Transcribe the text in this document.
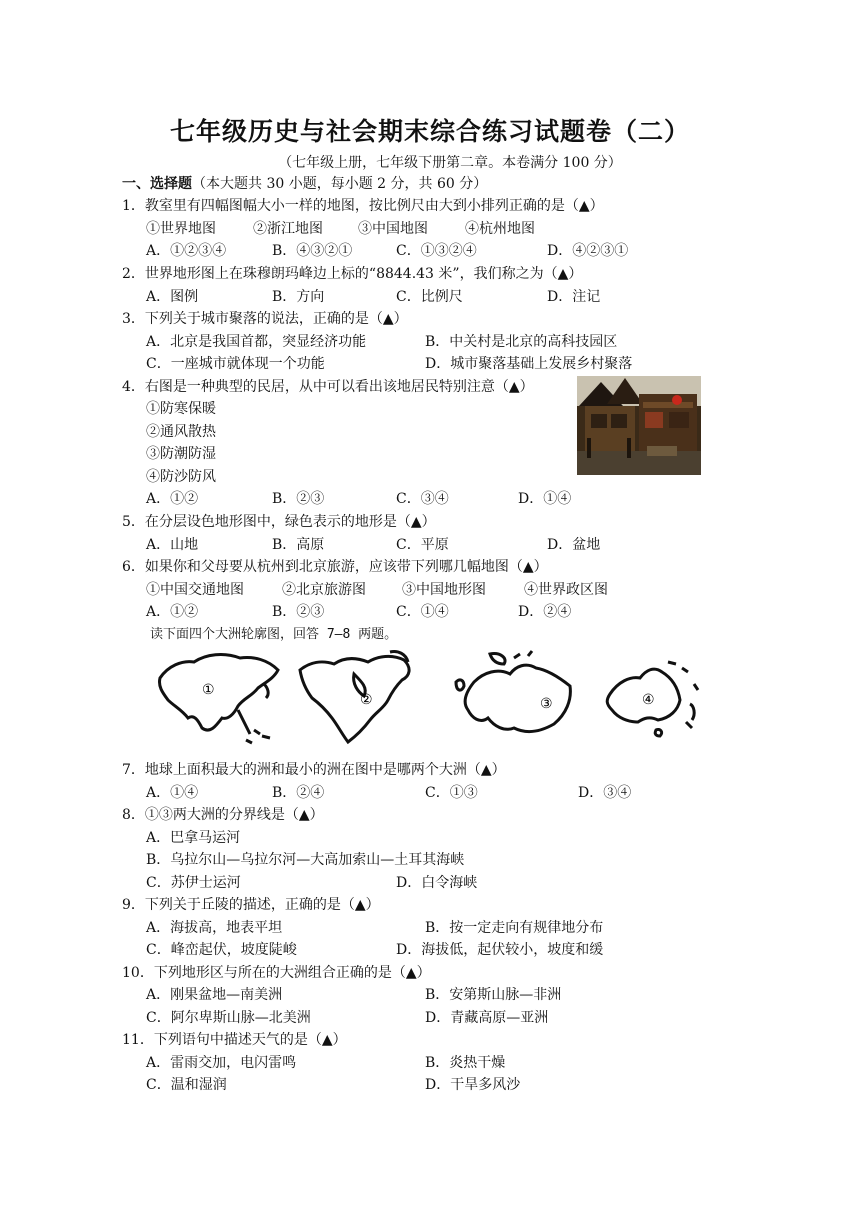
七年级历史与社会期末综合练习试题卷（二）
（七年级上册，七年级下册第二章。本卷满分 100 分）
一、选择题（本大题共 30 小题，每小题 2 分，共 60 分）
1．教室里有四幅图幅大小一样的地图，按比例尺由大到小排列正确的是（▲）
①世界地图	②浙江地图	③中国地图	④杭州地图
A．①②③④	B．④③②①	C．①③②④	D．④②③①
2．世界地形图上在珠穆朗玛峰边上标的“8844.43 米”，我们称之为（▲）
A．图例	B．方向	C．比例尺	D．注记
3．下列关于城市聚落的说法，正确的是（▲）
A．北京是我国首都，突显经济功能	B．中关村是北京的高科技园区
C．一座城市就体现一个功能	D．城市聚落基础上发展乡村聚落
4．右图是一种典型的民居，从中可以看出该地居民特别注意（▲）
①防寒保暖
②通风散热
③防潮防湿
④防沙防风
A．①②	B．②③	C．③④	D．①④
5．在分层设色地形图中，绿色表示的地形是（▲）
A．山地	B．高原	C．平原	D．盆地
6．如果你和父母要从杭州到北京旅游，应该带下列哪几幅地图（▲）
①中国交通地图	②北京旅游图	③中国地形图	④世界政区图
A．①②	B．②③	C．①④	D．②④
读下面四个大洲轮廓图，回答 7—8 两题。
①
②	③	④
7．地球上面积最大的洲和最小的洲在图中是哪两个大洲（▲）
A．①④	B．②④	C．①③	D．③④
8．①③两大洲的分界线是（▲）
A．巴拿马运河
B．乌拉尔山—乌拉尔河—大高加索山—土耳其海峡
C．苏伊士运河	D．白令海峡
9．下列关于丘陵的描述，正确的是（▲）
A．海拔高，地表平坦	B．按一定走向有规律地分布
C．峰峦起伏，坡度陡峻	D．海拔低，起伏较小，坡度和缓
10．下列地形区与所在的大洲组合正确的是（▲）
A．刚果盆地—南美洲	B．安第斯山脉—非洲
C．阿尔卑斯山脉—北美洲	D．青藏高原—亚洲
11．下列语句中描述天气的是（▲）
A．雷雨交加，电闪雷鸣	B．炎热干燥
C．温和湿润	D．干旱多风沙
